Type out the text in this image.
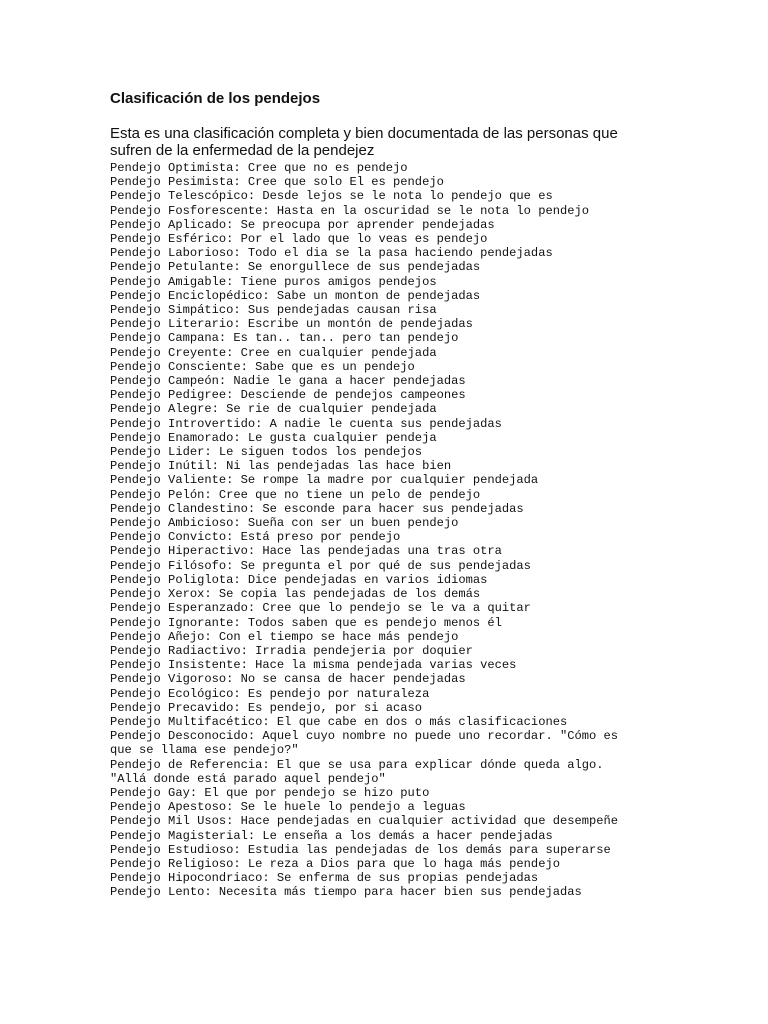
Clasificación de los pendejos

Esta es una clasificación completa y bien documentada de las personas que sufren de la enfermedad de la pendejez

Pendejo Optimista: Cree que no es pendejo
Pendejo Pesimista: Cree que solo El es pendejo
Pendejo Telescópico: Desde lejos se le nota lo pendejo que es
Pendejo Fosforescente: Hasta en la oscuridad se le nota lo pendejo
Pendejo Aplicado: Se preocupa por aprender pendejadas
Pendejo Esférico: Por el lado que lo veas es pendejo
Pendejo Laborioso: Todo el dia se la pasa haciendo pendejadas
Pendejo Petulante: Se enorgullece de sus pendejadas
Pendejo Amigable: Tiene puros amigos pendejos
Pendejo Enciclopédico: Sabe un monton de pendejadas
Pendejo Simpático: Sus pendejadas causan risa
Pendejo Literario: Escribe un montón de pendejadas
Pendejo Campana: Es tan.. tan.. pero tan pendejo
Pendejo Creyente: Cree en cualquier pendejada
Pendejo Consciente: Sabe que es un pendejo
Pendejo Campeón: Nadie le gana a hacer pendejadas
Pendejo Pedigree: Desciende de pendejos campeones
Pendejo Alegre: Se rie de cualquier pendejada
Pendejo Introvertido: A nadie le cuenta sus pendejadas
Pendejo Enamorado: Le gusta cualquier pendeja
Pendejo Lider: Le siguen todos los pendejos
Pendejo Inútil: Ni las pendejadas las hace bien
Pendejo Valiente: Se rompe la madre por cualquier pendejada
Pendejo Pelón: Cree que no tiene un pelo de pendejo
Pendejo Clandestino: Se esconde para hacer sus pendejadas
Pendejo Ambicioso: Sueña con ser un buen pendejo
Pendejo Convicto: Está preso por pendejo
Pendejo Hiperactivo: Hace las pendejadas una tras otra
Pendejo Filósofo: Se pregunta el por qué de sus pendejadas
Pendejo Poliglota: Dice pendejadas en varios idiomas
Pendejo Xerox: Se copia las pendejadas de los demás
Pendejo Esperanzado: Cree que lo pendejo se le va a quitar
Pendejo Ignorante: Todos saben que es pendejo menos él
Pendejo Añejo: Con el tiempo se hace más pendejo
Pendejo Radiactivo: Irradia pendejeria por doquier
Pendejo Insistente: Hace la misma pendejada varias veces
Pendejo Vigoroso: No se cansa de hacer pendejadas
Pendejo Ecológico: Es pendejo por naturaleza
Pendejo Precavido: Es pendejo, por si acaso
Pendejo Multifacético: El que cabe en dos o más clasificaciones
Pendejo Desconocido: Aquel cuyo nombre no puede uno recordar. "Cómo es que se llama ese pendejo?"
Pendejo de Referencia: El que se usa para explicar dónde queda algo. "Allá donde está parado aquel pendejo"
Pendejo Gay: El que por pendejo se hizo puto
Pendejo Apestoso: Se le huele lo pendejo a leguas
Pendejo Mil Usos: Hace pendejadas en cualquier actividad que desempeñe
Pendejo Magisterial: Le enseña a los demás a hacer pendejadas
Pendejo Estudioso: Estudia las pendejadas de los demás para superarse
Pendejo Religioso: Le reza a Dios para que lo haga más pendejo
Pendejo Hipocondriaco: Se enferma de sus propias pendejadas
Pendejo Lento: Necesita más tiempo para hacer bien sus pendejadas
